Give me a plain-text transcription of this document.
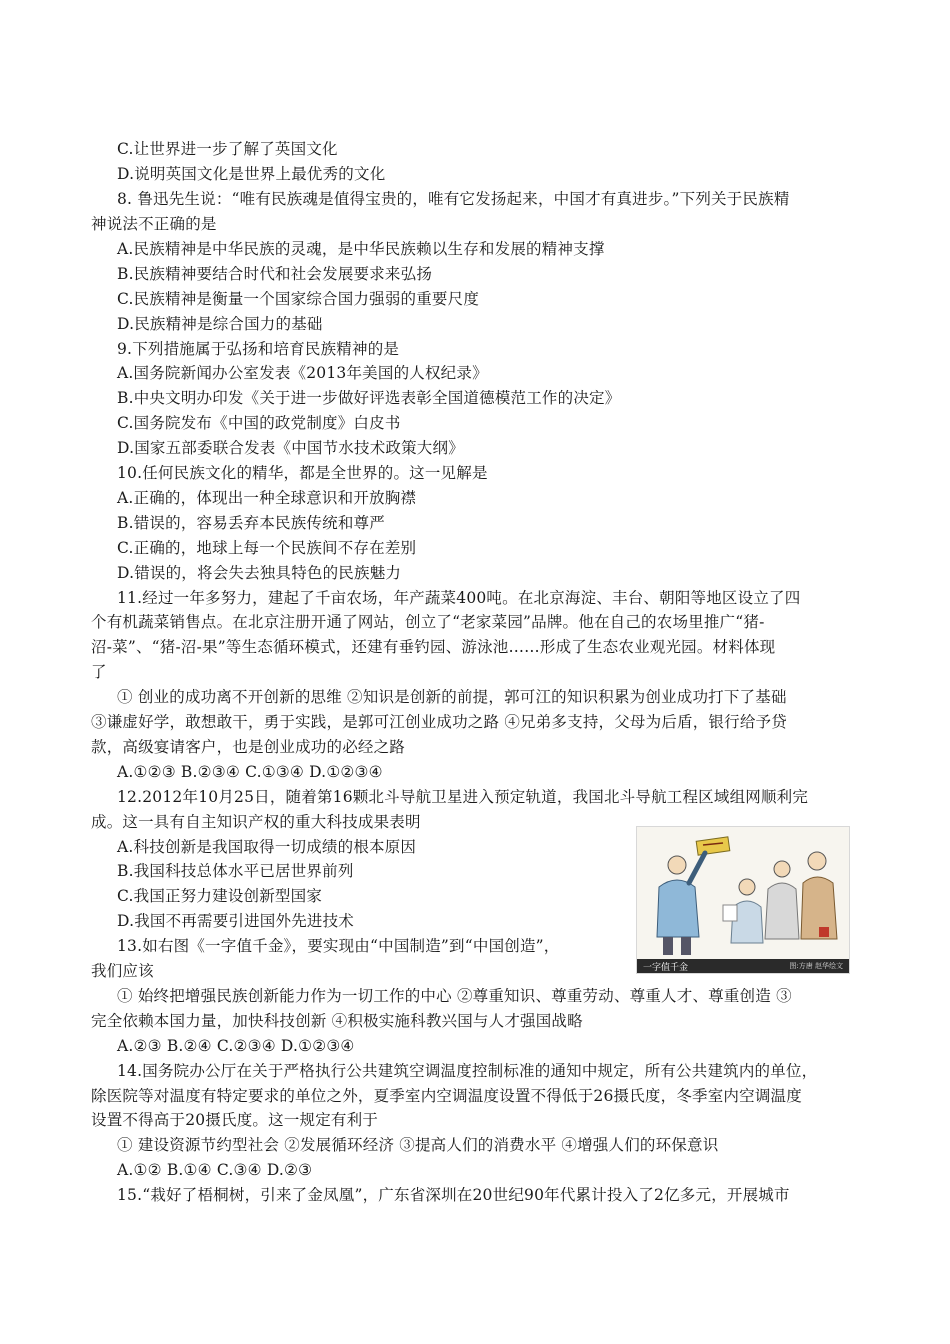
C.让世界进一步了解了英国文化
D.说明英国文化是世界上最优秀的文化
8. 鲁迅先生说：“唯有民族魂是值得宝贵的，唯有它发扬起来，中国才有真进步。”下列关于民族精
神说法不正确的是
A.民族精神是中华民族的灵魂，是中华民族赖以生存和发展的精神支撑
B.民族精神要结合时代和社会发展要求来弘扬
C.民族精神是衡量一个国家综合国力强弱的重要尺度
D.民族精神是综合国力的基础
9.下列措施属于弘扬和培育民族精神的是
A.国务院新闻办公室发表《2013年美国的人权纪录》
B.中央文明办印发《关于进一步做好评选表彰全国道德模范工作的决定》
C.国务院发布《中国的政党制度》白皮书
D.国家五部委联合发表《中国节水技术政策大纲》
10.任何民族文化的精华，都是全世界的。这一见解是
A.正确的，体现出一种全球意识和开放胸襟
B.错误的，容易丢弃本民族传统和尊严
C.正确的，地球上每一个民族间不存在差别
D.错误的，将会失去独具特色的民族魅力
11.经过一年多努力，建起了千亩农场，年产蔬菜400吨。在北京海淀、丰台、朝阳等地区设立了四
个有机蔬菜销售点。在北京注册开通了网站，创立了“老家菜园”品牌。他在自己的农场里推广“猪-
沼-菜”、“猪-沼-果”等生态循环模式，还建有垂钓园、游泳池……形成了生态农业观光园。材料体现
了
① 创业的成功离不开创新的思维 ②知识是创新的前提，郭可江的知识积累为创业成功打下了基础
③谦虚好学，敢想敢干，勇于实践，是郭可江创业成功之路 ④兄弟多支持，父母为后盾，银行给予贷
款，高级宴请客户，也是创业成功的必经之路
A.①②③ B.②③④ C.①③④ D.①②③④
12.2012年10月25日，随着第16颗北斗导航卫星进入预定轨道，我国北斗导航工程区域组网顺利完
成。这一具有自主知识产权的重大科技成果表明
A.科技创新是我国取得一切成绩的根本原因
B.我国科技总体水平已居世界前列
C.我国正努力建设创新型国家
D.我国不再需要引进国外先进技术
13.如右图《一字值千金》，要实现由“中国制造”到“中国创造”，
我们应该
① 始终把增强民族创新能力作为一切工作的中心 ②尊重知识、尊重劳动、尊重人才、尊重创造 ③
完全依赖本国力量，加快科技创新 ④积极实施科教兴国与人才强国战略
A.②③ B.②④ C.②③④ D.①②③④
14.国务院办公厅在关于严格执行公共建筑空调温度控制标准的通知中规定，所有公共建筑内的单位，
除医院等对温度有特定要求的单位之外，夏季室内空调温度设置不得低于26摄氏度，冬季室内空调温度
设置不得高于20摄氏度。这一规定有利于
① 建设资源节约型社会 ②发展循环经济 ③提高人们的消费水平 ④增强人们的环保意识
A.①② B.①④ C.③④ D.②③
15.“栽好了梧桐树，引来了金凤凰”，广东省深圳在20世纪90年代累计投入了2亿多元，开展城市
一字值千金	图:方唐 赵华绘文
